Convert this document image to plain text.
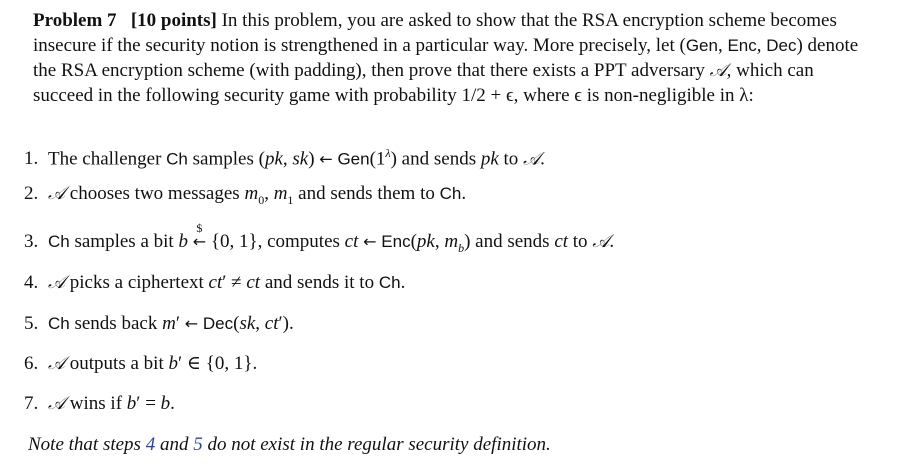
Problem 7 [10 points] In this problem, you are asked to show that the RSA encryption scheme becomes insecure if the security notion is strengthened in a particular way. More precisely, let (Gen, Enc, Dec) denote the RSA encryption scheme (with padding), then prove that there exists a PPT adversary 𝒜, which can succeed in the following security game with probability 1/2 + ϵ, where ϵ is non-negligible in λ:

1. The challenger Ch samples (pk, sk) ← $Gen(1^\lambda)$ and sends pk to 𝒜.
2. 𝒜 chooses two messages $m_0$, $m_1$ and sends them to Ch.
3. Ch samples a bit b
$
← {0, 1}, computes ct ← Enc(pk, $m_b$) and sends ct to 𝒜.
4. 𝒜 picks a ciphertext ct′ ≠ ct and sends it to Ch.
5. Ch sends back m′ ← Dec(sk, ct′).
6. 𝒜 outputs a bit b′ ∈ {0, 1}.
7. 𝒜 wins if b′ = b.

Note that steps 4 and 5 do not exist in the regular security definition.
